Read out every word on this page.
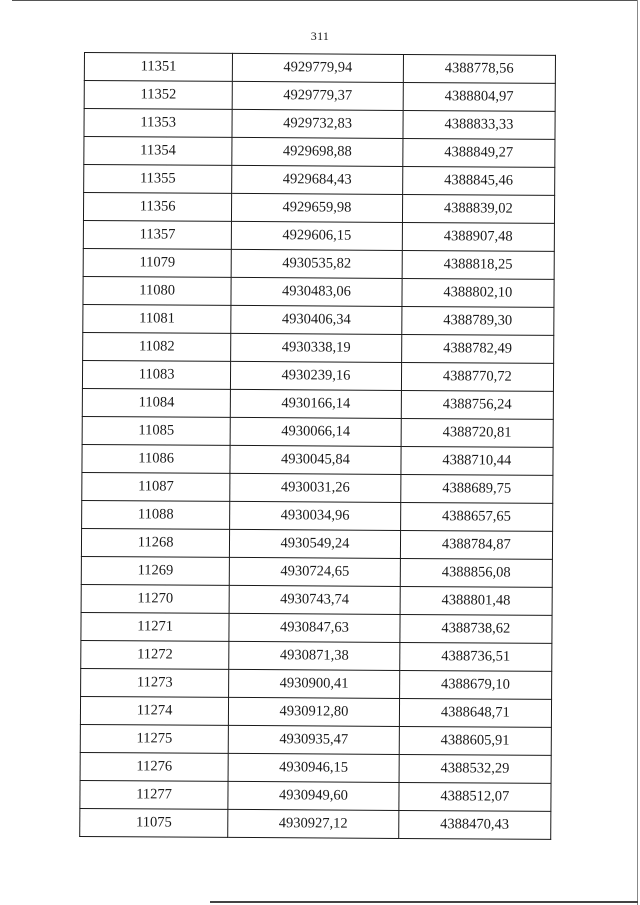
311
11351	4929779,94	4388778,56
11352	4929779,37	4388804,97
11353	4929732,83	4388833,33
11354	4929698,88	4388849,27
11355	4929684,43	4388845,46
11356	4929659,98	4388839,02
11357	4929606,15	4388907,48
11079	4930535,82	4388818,25
11080	4930483,06	4388802,10
11081	4930406,34	4388789,30
11082	4930338,19	4388782,49
11083	4930239,16	4388770,72
11084	4930166,14	4388756,24
11085	4930066,14	4388720,81
11086	4930045,84	4388710,44
11087	4930031,26	4388689,75
11088	4930034,96	4388657,65
11268	4930549,24	4388784,87
11269	4930724,65	4388856,08
11270	4930743,74	4388801,48
11271	4930847,63	4388738,62
11272	4930871,38	4388736,51
11273	4930900,41	4388679,10
11274	4930912,80	4388648,71
11275	4930935,47	4388605,91
11276	4930946,15	4388532,29
11277	4930949,60	4388512,07
11075	4930927,12	4388470,43
